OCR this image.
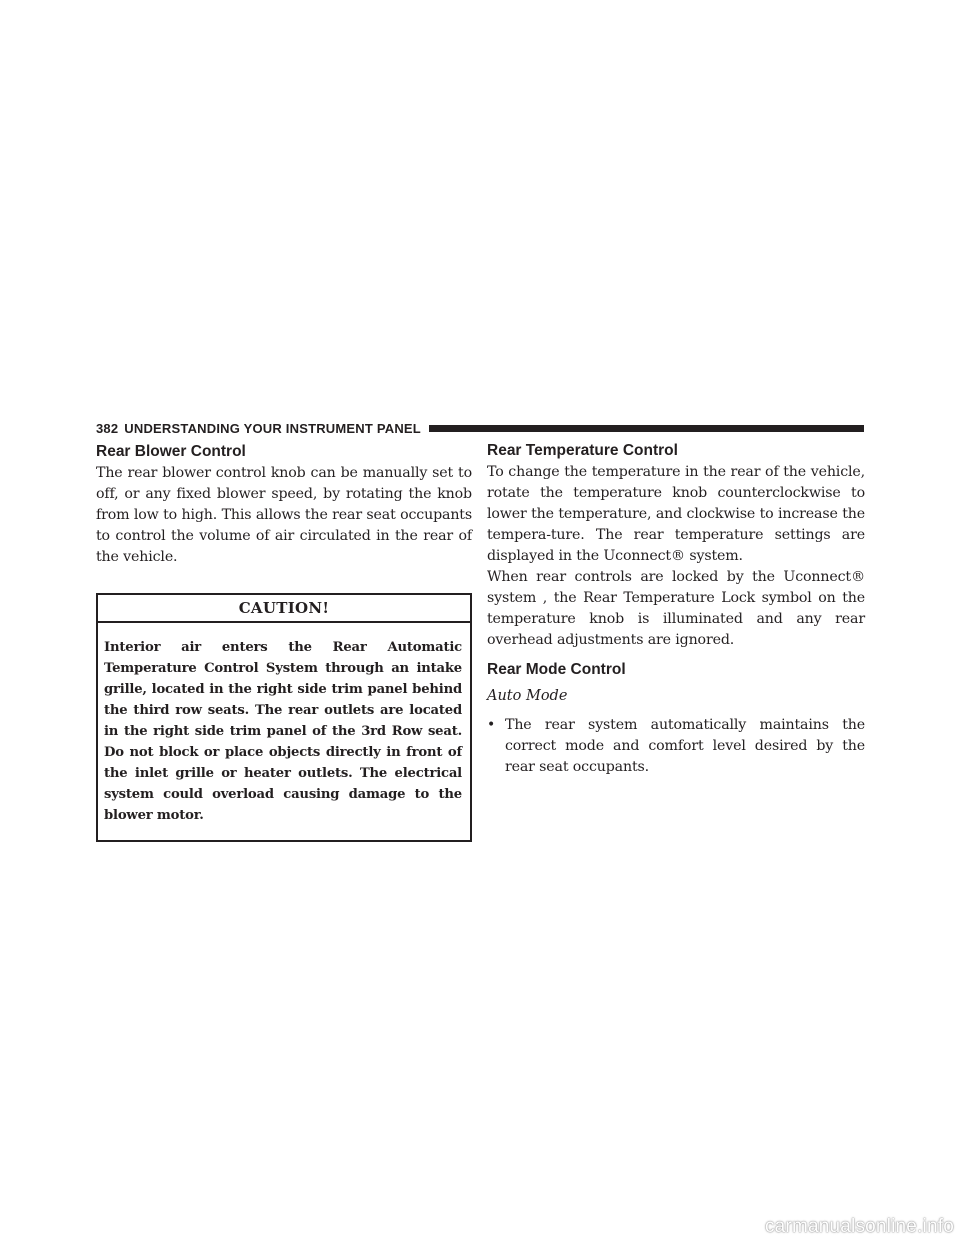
382 UNDERSTANDING YOUR INSTRUMENT PANEL
Rear Blower Control

The rear blower control knob can be manually set to off, or any fixed blower speed, by rotating the knob from low to high. This allows the rear seat occupants to control the volume of air circulated in the rear of the vehicle.

CAUTION!
Interior air enters the Rear Automatic Temperature Control System through an intake grille, located in the right side trim panel behind the third row seats. The rear outlets are located in the right side trim panel of the 3rd Row seat. Do not block or place objects directly in front of the inlet grille or heater outlets. The electrical system could overload causing damage to the blower motor.
Rear Temperature Control

To change the temperature in the rear of the vehicle, rotate the temperature knob counterclockwise to lower the temperature, and clockwise to increase the tempera-ture. The rear temperature settings are displayed in the Uconnect® system.

When rear controls are locked by the Uconnect® system , the Rear Temperature Lock symbol on the temperature knob is illuminated and any rear overhead adjustments are ignored.

Rear Mode Control
Auto Mode
• The rear system automatically maintains the correct mode and comfort level desired by the rear seat occupants.
carmanualsonline.info
